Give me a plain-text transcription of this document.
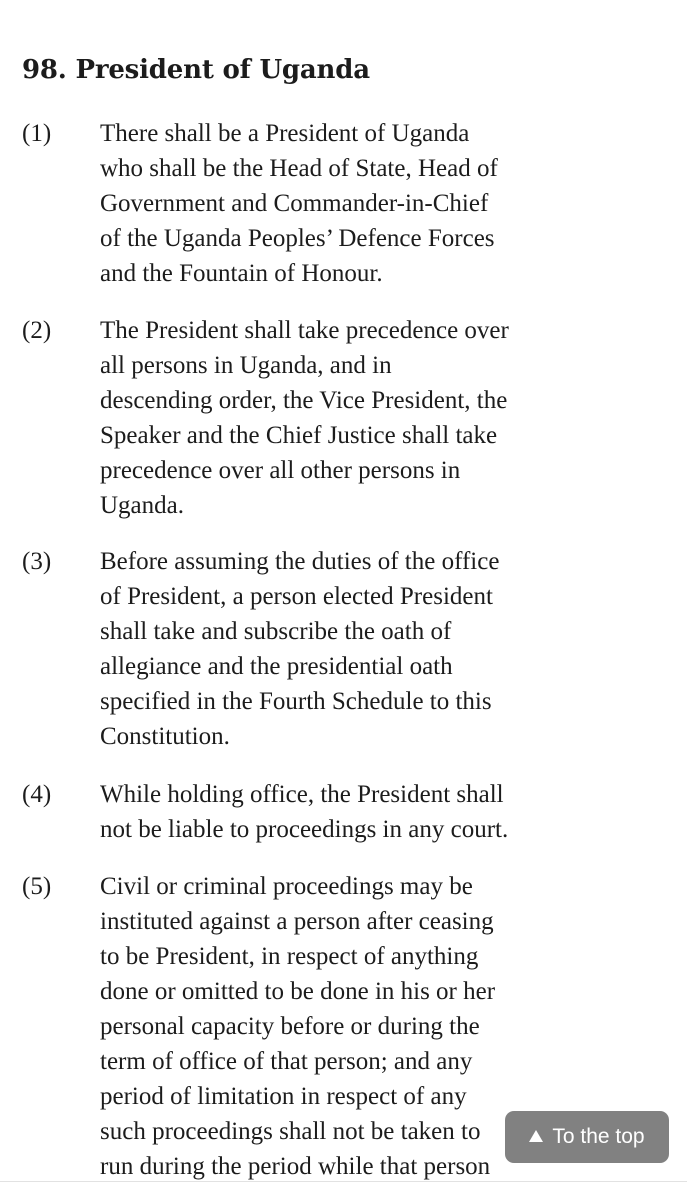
98. President of Uganda
(1) There shall be a President of Uganda
who shall be the Head of State, Head of
Government and Commander-in-Chief
of the Uganda Peoples’ Defence Forces
and the Fountain of Honour.
(2) The President shall take precedence over
all persons in Uganda, and in
descending order, the Vice President, the
Speaker and the Chief Justice shall take
precedence over all other persons in
Uganda.
(3) Before assuming the duties of the office
of President, a person elected President
shall take and subscribe the oath of
allegiance and the presidential oath
specified in the Fourth Schedule to this
Constitution.
(4) While holding office, the President shall
not be liable to proceedings in any court.
(5) Civil or criminal proceedings may be
instituted against a person after ceasing
to be President, in respect of anything
done or omitted to be done in his or her
personal capacity before or during the
term of office of that person; and any
period of limitation in respect of any
such proceedings shall not be taken to
run during the period while that person
To the top
